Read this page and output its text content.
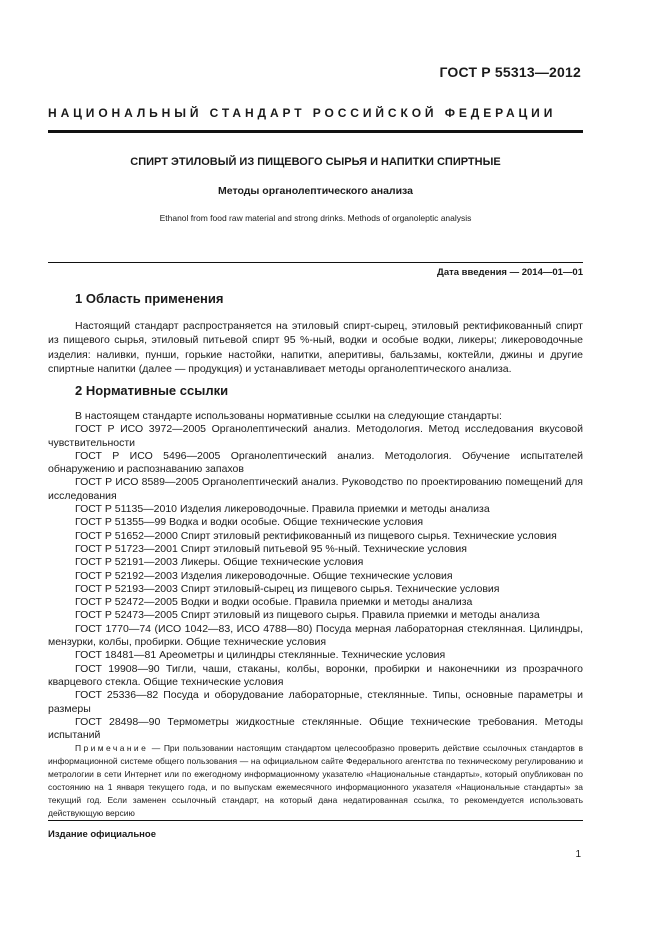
ГОСТ Р 55313—2012
НАЦИОНАЛЬНЫЙ СТАНДАРТ РОССИЙСКОЙ ФЕДЕРАЦИИ
СПИРТ ЭТИЛОВЫЙ ИЗ ПИЩЕВОГО СЫРЬЯ И НАПИТКИ СПИРТНЫЕ
Методы органолептического анализа
Ethanol from food raw material and strong drinks. Methods of organoleptic analysis
Дата введения — 2014—01—01
1 Область применения

Настоящий стандарт распространяется на этиловый спирт-сырец, этиловый ректификованный спирт из пищевого сырья, этиловый питьевой спирт 95 %-ный, водки и особые водки, ликеры; ликероводочные изделия: наливки, пунши, горькие настойки, напитки, аперитивы, бальзамы, коктейли, джины и другие спиртные напитки (далее — продукция) и устанавливает методы органолептического анализа.

2 Нормативные ссылки
В настоящем стандарте использованы нормативные ссылки на следующие стандарты:
ГОСТ Р ИСО 3972—2005 Органолептический анализ. Методология. Метод исследования вкусовой чувствительности
ГОСТ Р ИСО 5496—2005 Органолептический анализ. Методология. Обучение испытателей обнаружению и распознаванию запахов
ГОСТ Р ИСО 8589—2005 Органолептический анализ. Руководство по проектированию помещений для исследования
ГОСТ Р 51135—2010 Изделия ликероводочные. Правила приемки и методы анализа
ГОСТ Р 51355—99 Водка и водки особые. Общие технические условия
ГОСТ Р 51652—2000 Спирт этиловый ректификованный из пищевого сырья. Технические условия
ГОСТ Р 51723—2001 Спирт этиловый питьевой 95 %-ный. Технические условия
ГОСТ Р 52191—2003 Ликеры. Общие технические условия
ГОСТ Р 52192—2003 Изделия ликероводочные. Общие технические условия
ГОСТ Р 52193—2003 Спирт этиловый-сырец из пищевого сырья. Технические условия
ГОСТ Р 52472—2005 Водки и водки особые. Правила приемки и методы анализа
ГОСТ Р 52473—2005 Спирт этиловый из пищевого сырья. Правила приемки и методы анализа
ГОСТ 1770—74 (ИСО 1042—83, ИСО 4788—80) Посуда мерная лабораторная стеклянная. Цилиндры, мензурки, колбы, пробирки. Общие технические условия
ГОСТ 18481—81 Ареометры и цилиндры стеклянные. Технические условия
ГОСТ 19908—90 Тигли, чаши, стаканы, колбы, воронки, пробирки и наконечники из прозрачного кварцевого стекла. Общие технические условия
ГОСТ 25336—82 Посуда и оборудование лабораторные, стеклянные. Типы, основные параметры и размеры
ГОСТ 28498—90 Термометры жидкостные стеклянные. Общие технические требования. Методы испытаний
Примечание — При пользовании настоящим стандартом целесообразно проверить действие ссылочных стандартов в информационной системе общего пользования — на официальном сайте Федерального агентства по техническому регулированию и метрологии в сети Интернет или по ежегодному информационному указателю «Национальные стандарты», который опубликован по состоянию на 1 января текущего года, и по выпускам ежемесячного информационного указателя «Национальные стандарты» за текущий год. Если заменен ссылочный стандарт, на который дана недатированная ссылка, то рекомендуется использовать действующую версию
Издание официальное
1
